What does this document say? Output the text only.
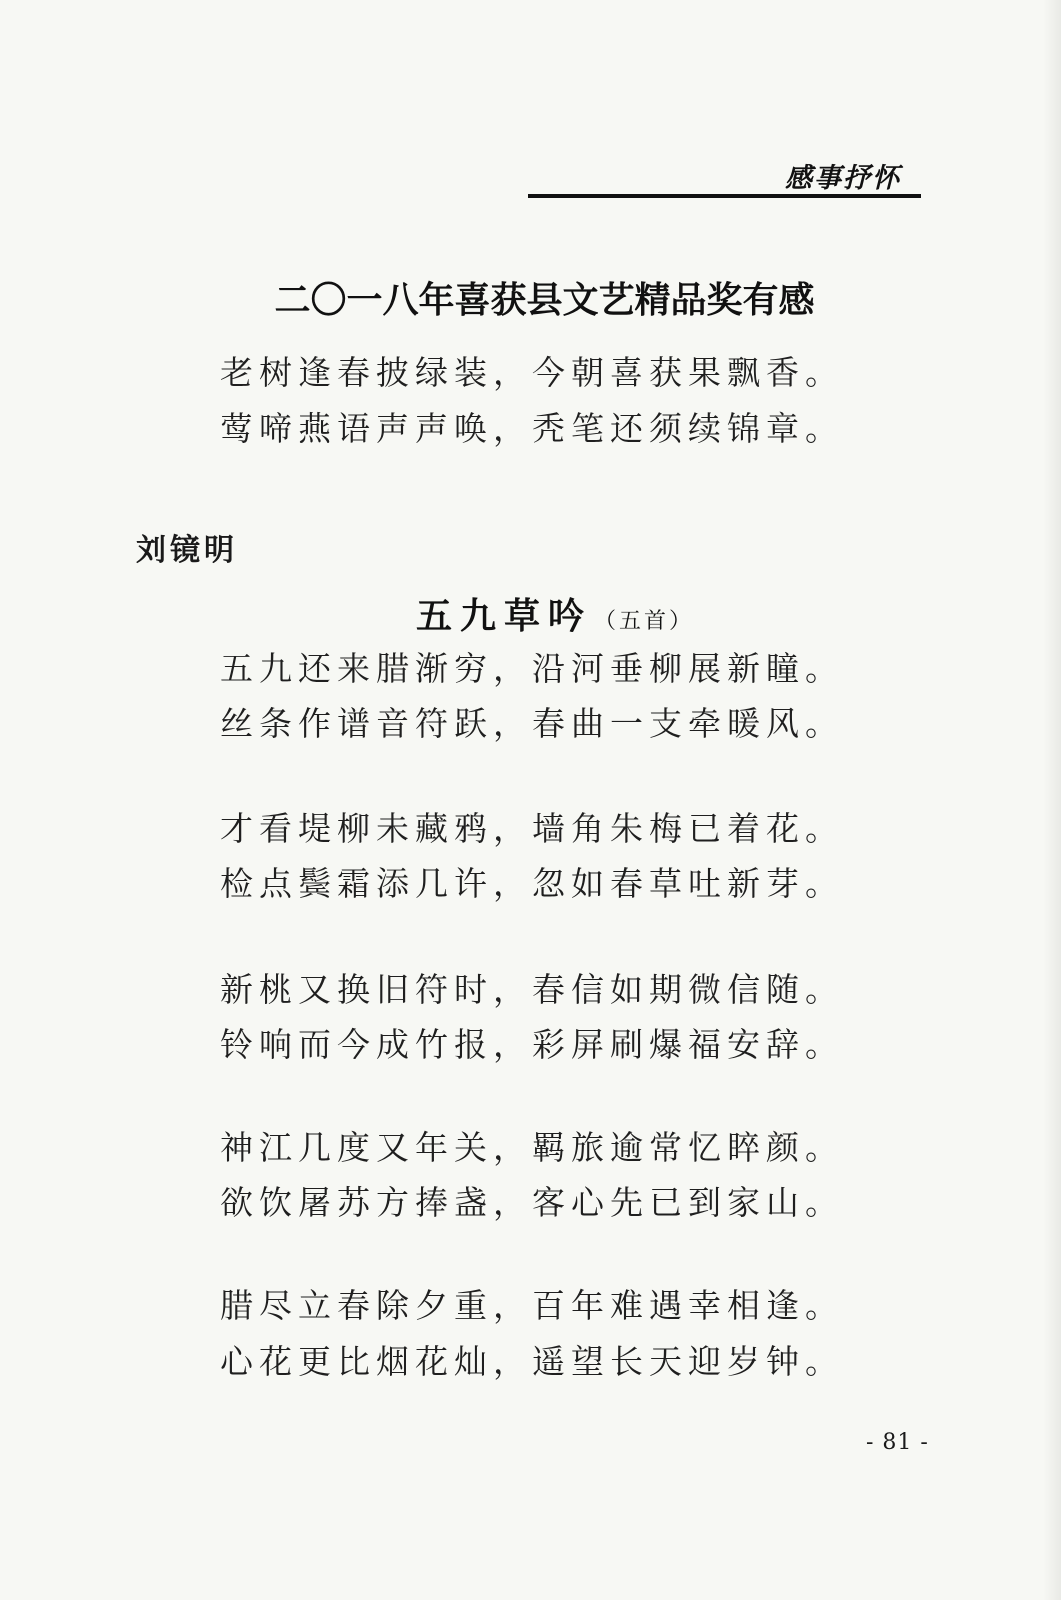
感事抒怀
二〇一八年喜获县文艺精品奖有感
老树逢春披绿装，今朝喜获果飘香。
莺啼燕语声声唤，秃笔还须续锦章。
刘镜明
五九草吟（五首）
五九还来腊渐穷，沿河垂柳展新瞳。
丝条作谱音符跃，春曲一支牵暖风。
才看堤柳未藏鸦，墙角朱梅已着花。
检点鬓霜添几许，忽如春草吐新芽。
新桃又换旧符时，春信如期微信随。
铃响而今成竹报，彩屏刷爆福安辞。
神江几度又年关，羁旅逾常忆睟颜。
欲饮屠苏方捧盏，客心先已到家山。
腊尽立春除夕重，百年难遇幸相逢。
心花更比烟花灿，遥望长天迎岁钟。
- 81 -
